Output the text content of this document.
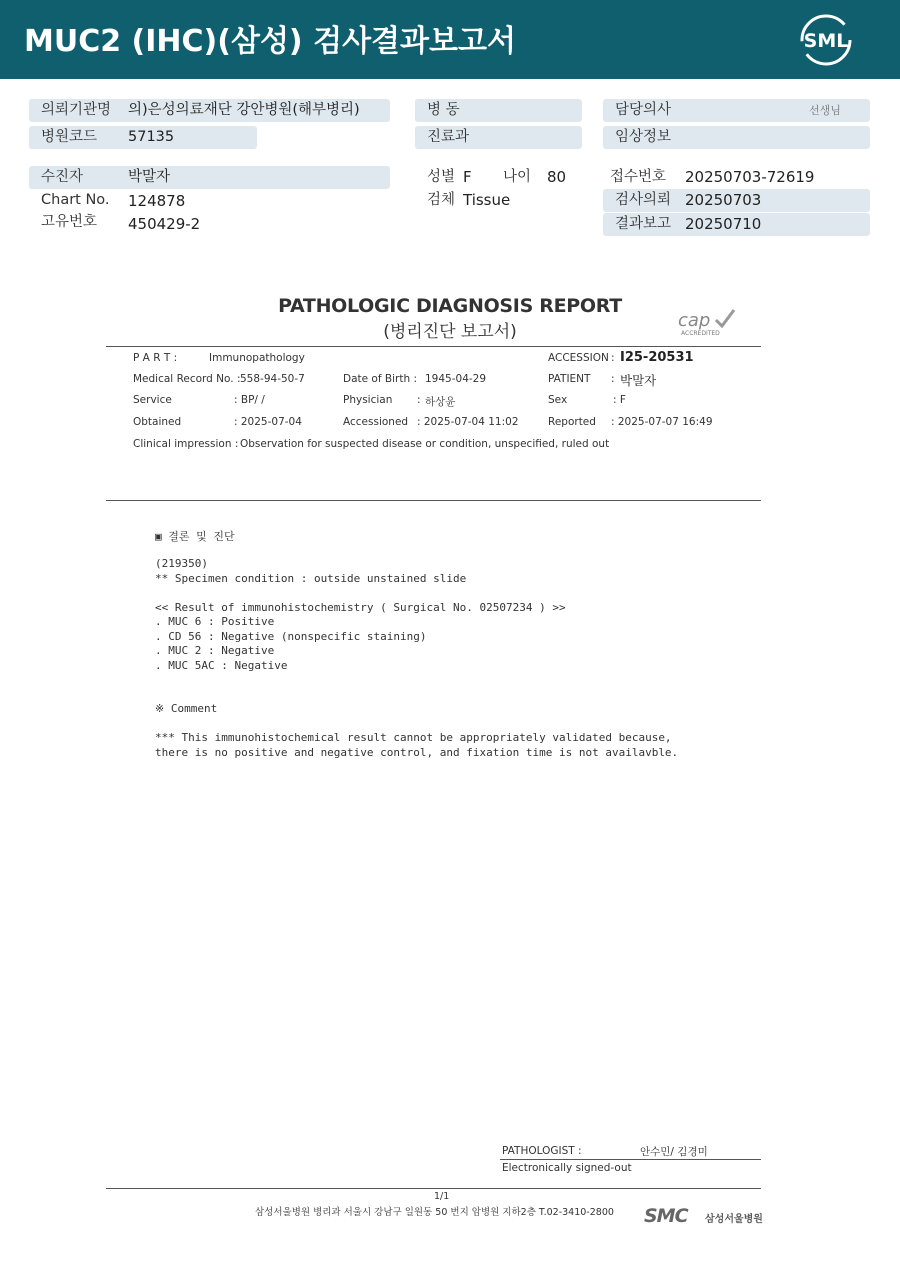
MUC2 (IHC)(삼성) 검사결과보고서	SML
의뢰기관명	의)은성의료재단 강안병원(해부병리)
병원코드	57135
수진자	박말자
Chart No. 124878
고유번호 450429-2
병 동
진료과
성별 F 나이 80
검체 Tissue
담당의사	선생님
임상정보
접수번호 20250703-72619
검사의뢰 20250703
결과보고 20250710
PATHOLOGIC DIAGNOSIS REPORT
(병리진단 보고서)
cap
ACCREDITED
P A R T :	Immunopathology	ACCESSION : I25-20531
Medical Record No. : 558-94-50-7	Date of Birth : 1945-04-29	PATIENT : 박말자
Service	: BP/ /	Physician : 하상윤	Sex	: F
Obtained	: 2025-07-04	Accessioned : 2025-07-04 11:02	Reported : 2025-07-07 16:49
Clinical impression : Observation for suspected disease or condition, unspecified, ruled out
▣ 결론 및 진단
(219350)
** Specimen condition : outside unstained slide
<< Result of immunohistochemistry ( Surgical No. 02507234 ) >>
. MUC 6 : Positive
. CD 56 : Negative (nonspecific staining)
. MUC 2 : Negative
. MUC 5AC : Negative
※ Comment
*** This immunohistochemical result cannot be appropriately validated because,
there is no positive and negative control, and fixation time is not availavble.
PATHOLOGIST :	안수민/ 김경미
Electronically signed-out
1/1
삼성서울병원 병리과 서울시 강남구 일원동 50 번지 암병원 지하2층 T.02-3410-2800 SMC 삼성서울병원
